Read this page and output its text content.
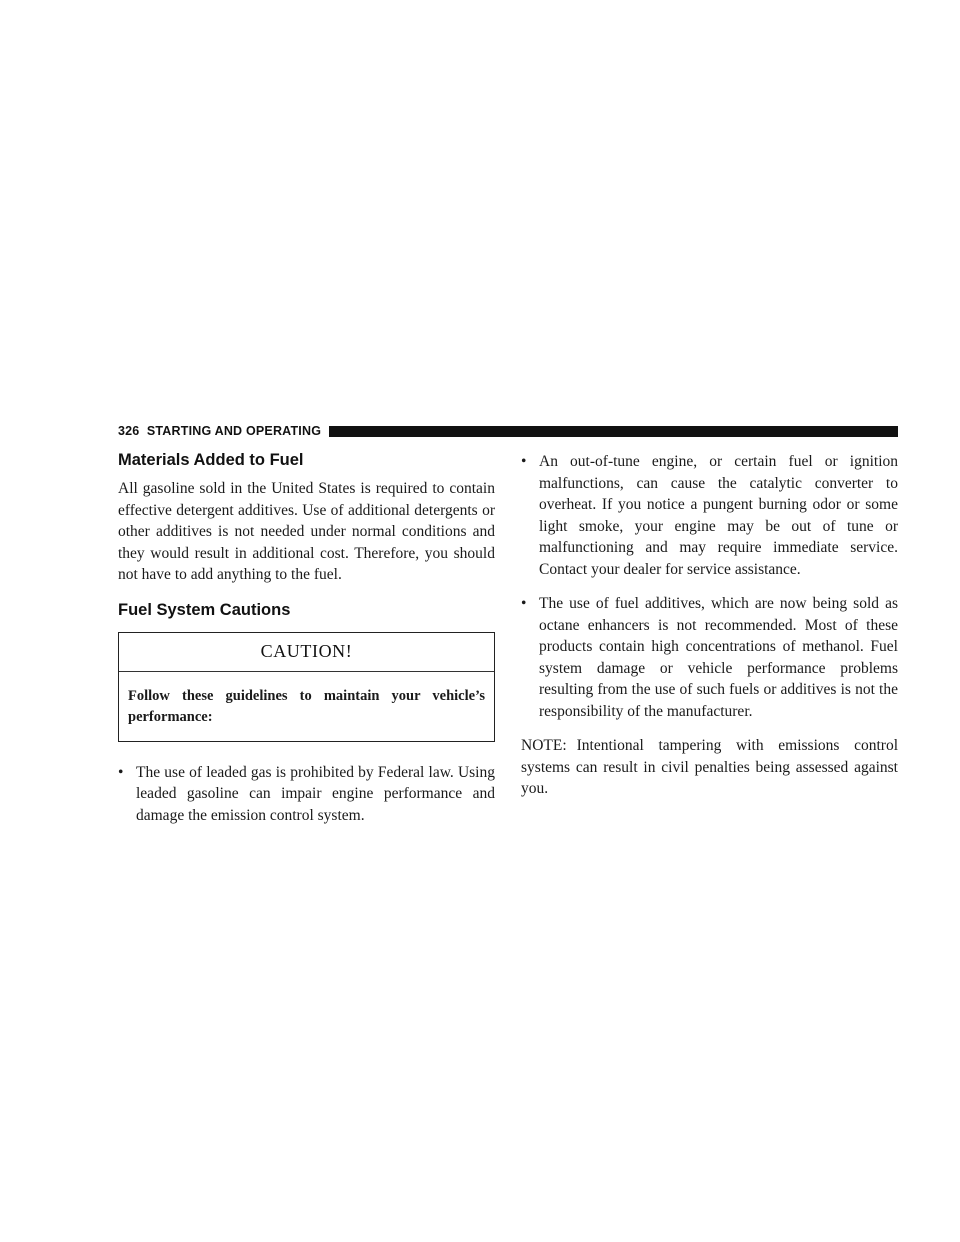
326 STARTING AND OPERATING
Materials Added to Fuel

All gasoline sold in the United States is required to contain effective detergent additives. Use of additional detergents or other additives is not needed under normal conditions and they would result in additional cost. Therefore, you should not have to add anything to the fuel.

Fuel System Cautions
CAUTION!
Follow these guidelines to maintain your vehicle’s performance:
• The use of leaded gas is prohibited by Federal law. Using leaded gasoline can impair engine performance and damage the emission control system.
• An out-of-tune engine, or certain fuel or ignition malfunctions, can cause the catalytic converter to overheat. If you notice a pungent burning odor or some light smoke, your engine may be out of tune or malfunctioning and may require immediate service. Contact your dealer for service assistance.
• The use of fuel additives, which are now being sold as octane enhancers is not recommended. Most of these products contain high concentrations of methanol. Fuel system damage or vehicle performance problems resulting from the use of such fuels or additives is not the responsibility of the manufacturer.

NOTE: Intentional tampering with emissions control systems can result in civil penalties being assessed against you.
